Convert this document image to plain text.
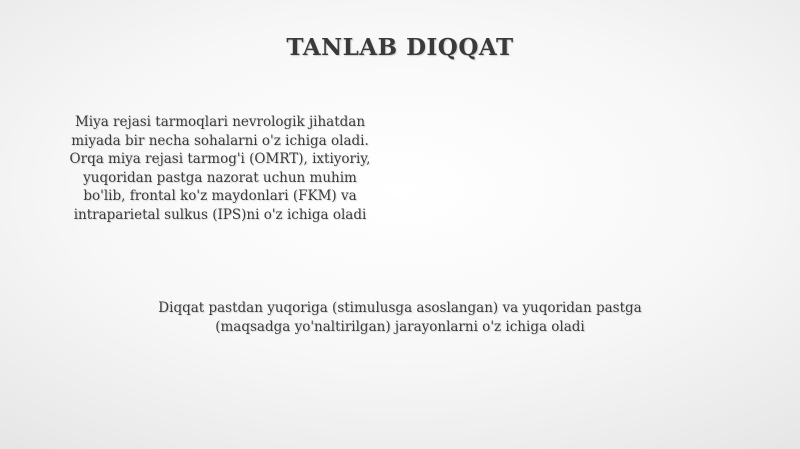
TANLAB DIQQAT
Miya rejasi tarmoqlari nevrologik jihatdan
miyada bir necha sohalarni o'z ichiga oladi.
Orqa miya rejasi tarmog'i (OMRT), ixtiyoriy,
yuqoridan pastga nazorat uchun muhim
bo'lib, frontal ko'z maydonlari (FKM) va
intraparietal sulkus (IPS)ni o'z ichiga oladi
Diqqat pastdan yuqoriga (stimulusga asoslangan) va yuqoridan pastga
(maqsadga yo'naltirilgan) jarayonlarni o'z ichiga oladi
